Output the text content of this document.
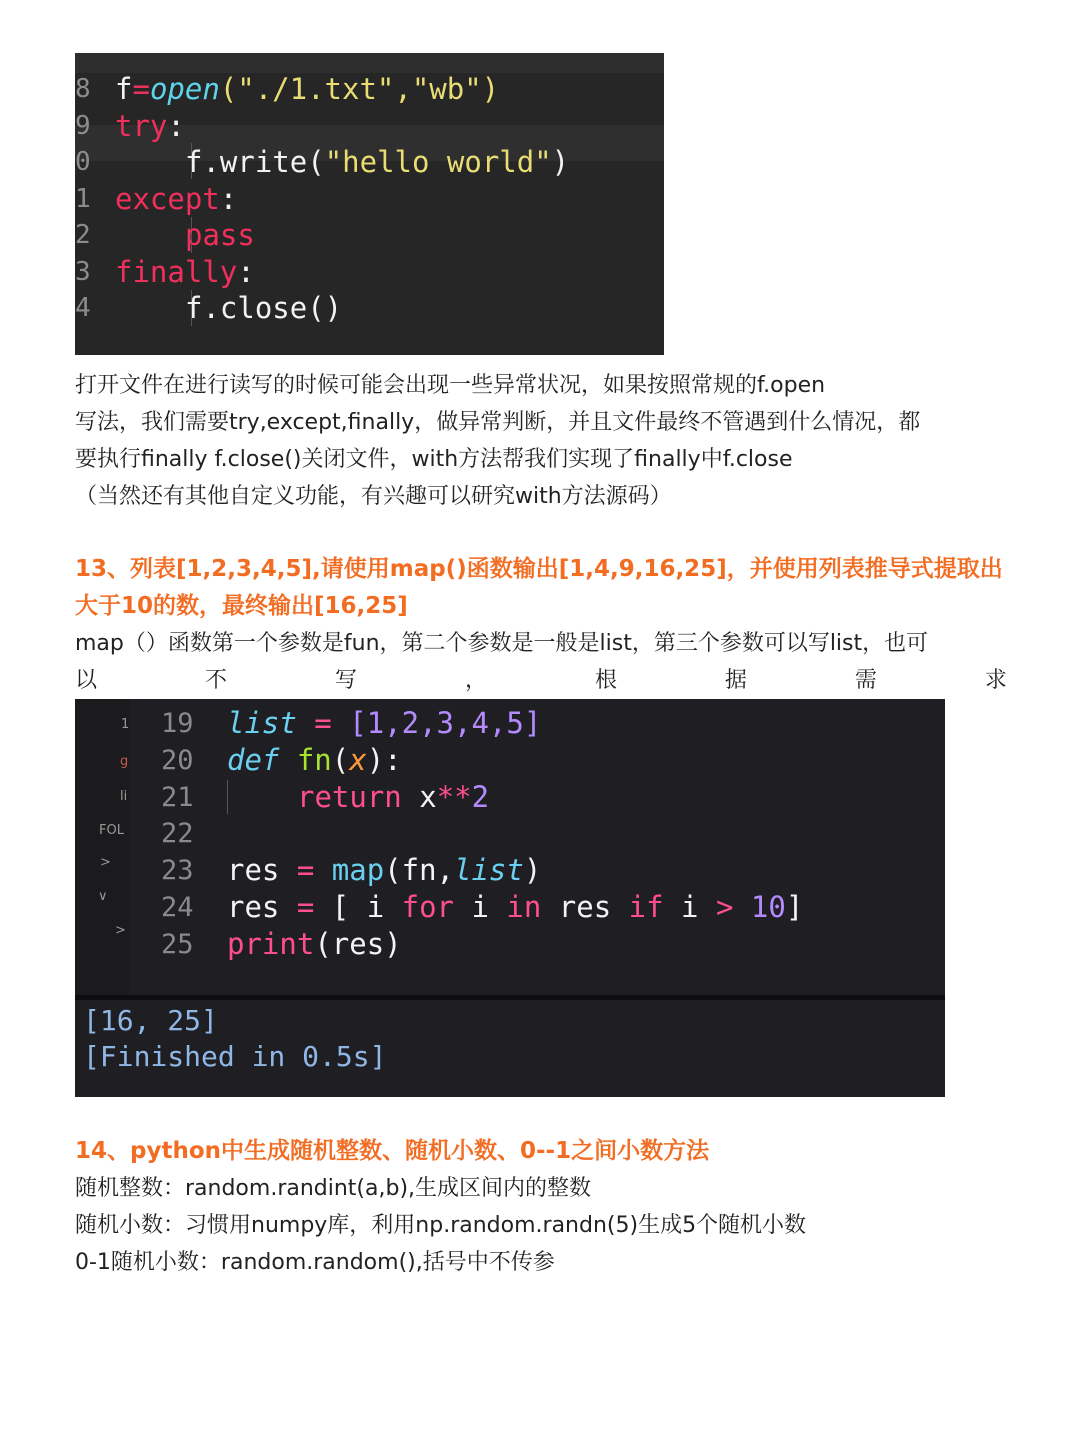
8
9
0
1
2
3
4
f=open("./1.txt","wb")
try:
f.write("hello world")
except:
pass
finally:
f.close()
打开文件在进行读写的时候可能会出现一些异常状况，如果按照常规的f.open
写法，我们需要try,except,finally，做异常判断，并且文件最终不管遇到什么情况，都
要执行finally f.close()关闭文件，with方法帮我们实现了finally中f.close
（当然还有其他自定义功能，有兴趣可以研究with方法源码）
13、列表[1,2,3,4,5],请使用map()函数输出[1,4,9,16,25]，并使用列表推导式提取出
大于10的数，最终输出[16,25]
map（）函数第一个参数是fun，第二个参数是一般是list，第三个参数可以写list，也可
以	不	写	，	根	据	需	求
1
g
li
FOL
>
∨
>
19
20
21
22
23
24
25
list = [1,2,3,4,5]
def fn(x):
return x**2
res = map(fn,list)
res = [ i for i in res if i > 10]
print(res)
[16, 25]
[Finished in 0.5s]
14、python中生成随机整数、随机小数、0--1之间小数方法
随机整数：random.randint(a,b),生成区间内的整数
随机小数：习惯用numpy库，利用np.random.randn(5)生成5个随机小数
0-1随机小数：random.random(),括号中不传参
